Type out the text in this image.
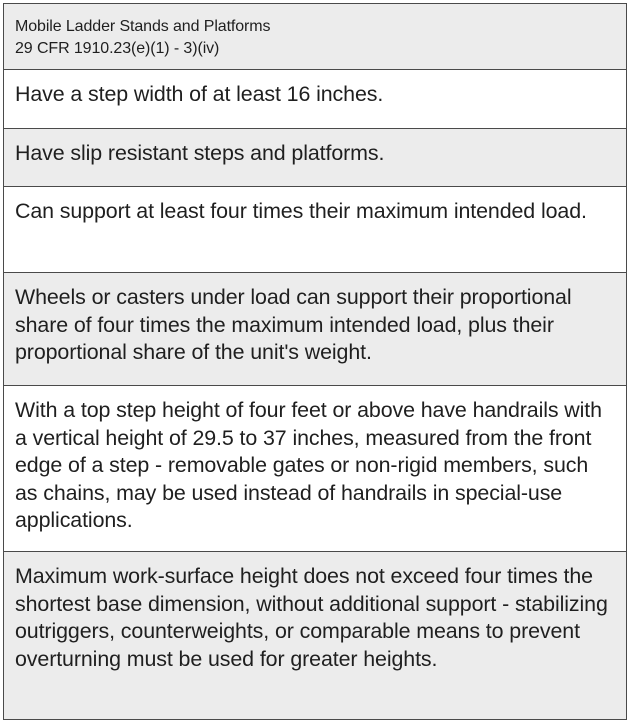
Mobile Ladder Stands and Platforms
29 CFR 1910.23(e)(1) - 3)(iv)
Have a step width of at least 16 inches.
Have slip resistant steps and platforms.
Can support at least four times their maximum intended load.
Wheels or casters under load can support their proportional share of four times the maximum intended load, plus their proportional share of the unit's weight.
With a top step height of four feet or above have handrails with a vertical height of 29.5 to 37 inches, measured from the front edge of a step - removable gates or non-rigid members, such as chains, may be used instead of handrails in special-use applications.
Maximum work-surface height does not exceed four times the shortest base dimension, without additional support - stabilizing outriggers, counterweights, or comparable means to prevent overturning must be used for greater heights.
